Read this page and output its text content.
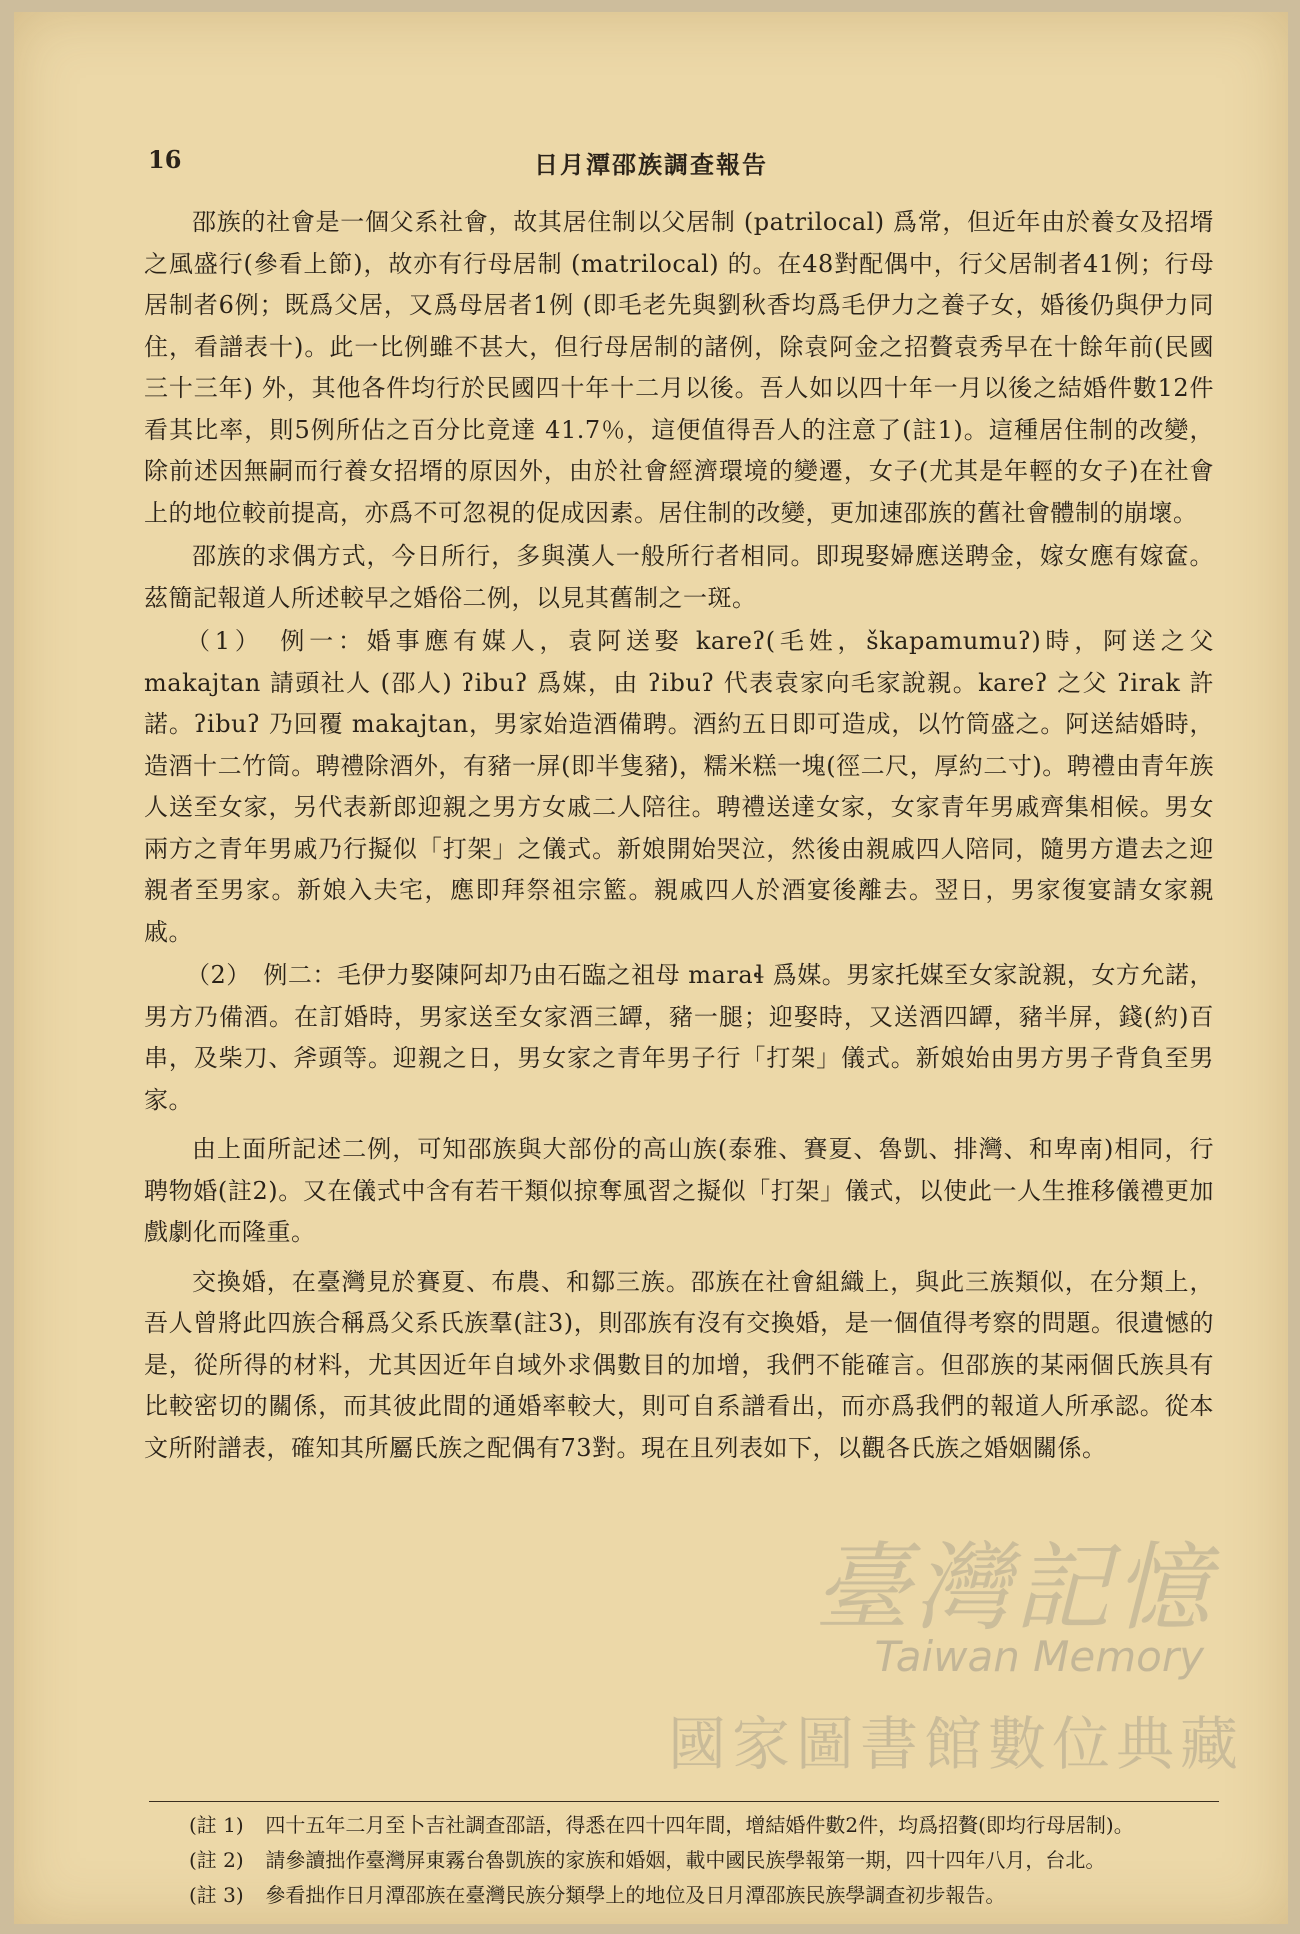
16	日月潭邵族調查報告

邵族的社會是一個父系社會，故其居住制以父居制 (patrilocal) 爲常，但近年由於養女及招壻之風盛行(參看上節)，故亦有行母居制 (matrilocal) 的。在48對配偶中，行父居制者41例；行母居制者6例；既爲父居，又爲母居者1例 (即毛老先與劉秋香均爲毛伊力之養子女，婚後仍與伊力同住，看譜表十)。此一比例雖不甚大，但行母居制的諸例，除袁阿金之招贅袁秀早在十餘年前(民國三十三年) 外，其他各件均行於民國四十年十二月以後。吾人如以四十年一月以後之結婚件數12件看其比率，則5例所佔之百分比竟達 41.7％，這便值得吾人的注意了(註1)。這種居住制的改變，除前述因無嗣而行養女招壻的原因外，由於社會經濟環境的變遷，女子(尤其是年輕的女子)在社會上的地位較前提高，亦爲不可忽視的促成因素。居住制的改變，更加速邵族的舊社會體制的崩壞。

邵族的求偶方式，今日所行，多與漢人一般所行者相同。即現娶婦應送聘金，嫁女應有嫁奩。茲簡記報道人所述較早之婚俗二例，以見其舊制之一斑。

（1）　例一：婚事應有媒人，袁阿送娶 kareʔ(毛姓，škapamumuʔ)時，阿送之父 makajtan 請頭社人 (邵人) ʔibuʔ 爲媒，由 ʔibuʔ 代表袁家向毛家說親。kareʔ 之父 ʔirak 許諾。ʔibuʔ 乃回覆 makajtan，男家始造酒備聘。酒約五日即可造成，以竹筒盛之。阿送結婚時，造酒十二竹筒。聘禮除酒外，有豬一屏(即半隻豬)，糯米糕一塊(徑二尺，厚約二寸)。聘禮由青年族人送至女家，另代表新郎迎親之男方女戚二人陪往。聘禮送達女家，女家青年男戚齊集相候。男女兩方之青年男戚乃行擬似「打架」之儀式。新娘開始哭泣，然後由親戚四人陪同，隨男方遣去之迎親者至男家。新娘入夫宅，應即拜祭祖宗籃。親戚四人於酒宴後離去。翌日，男家復宴請女家親戚。

（2）　例二：毛伊力娶陳阿却乃由石臨之祖母 maraɬ 爲媒。男家托媒至女家說親，女方允諾，男方乃備酒。在訂婚時，男家送至女家酒三罈，豬一腿；迎娶時，又送酒四罈，豬半屏，錢(約)百串，及柴刀、斧頭等。迎親之日，男女家之青年男子行「打架」儀式。新娘始由男方男子背負至男家。

由上面所記述二例，可知邵族與大部份的高山族(泰雅、賽夏、魯凱、排灣、和卑南)相同，行聘物婚(註2)。又在儀式中含有若干類似掠奪風習之擬似「打架」儀式，以使此一人生推移儀禮更加戲劇化而隆重。

交換婚，在臺灣見於賽夏、布農、和鄒三族。邵族在社會組織上，與此三族類似，在分類上，吾人曾將此四族合稱爲父系氏族羣(註3)，則邵族有沒有交換婚，是一個值得考察的問題。很遺憾的是，從所得的材料，尤其因近年自域外求偶數目的加增，我們不能確言。但邵族的某兩個氏族具有比較密切的關係，而其彼此間的通婚率較大，則可自系譜看出，而亦爲我們的報道人所承認。從本文所附譜表，確知其所屬氏族之配偶有73對。現在且列表如下，以觀各氏族之婚姻關係。

臺灣記憶
Taiwan Memory
國家圖書館數位典藏
(註 1) 四十五年二月至卜吉社調查邵語，得悉在四十四年間，增結婚件數2件，均爲招贅(即均行母居制)。
(註 2) 請參讀拙作臺灣屏東霧台魯凱族的家族和婚姻，載中國民族學報第一期，四十四年八月，台北。
(註 3) 參看拙作日月潭邵族在臺灣民族分類學上的地位及日月潭邵族民族學調查初步報告。
